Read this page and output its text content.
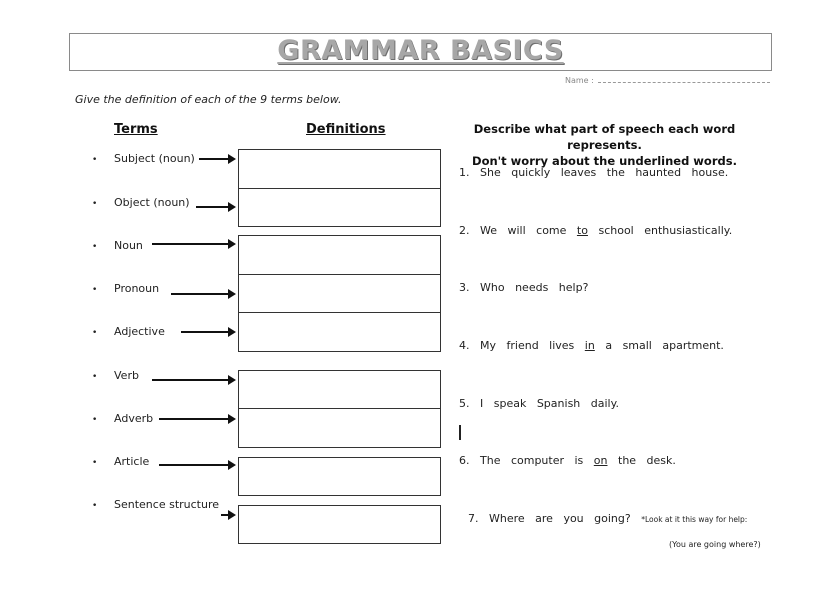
GRAMMAR BASICS
Name :
Give the definition of each of the 9 terms below.
Terms	Definitions	Describe what part of speech each word represents.
Don't worry about the underlined words.
• Subject (noun)
• Object (noun)
• Noun
• Pronoun
• Adjective
• Verb
• Adverb
• Article
• Sentence structure
1. She quickly leaves the haunted house.
2. We will come to school enthusiastically.
3. Who needs help?
4. My friend lives in a small apartment.
5. I speak Spanish daily.
6. The computer is on the desk.
7. Where are you going? *Look at it this way for help:
(You are going where?)
